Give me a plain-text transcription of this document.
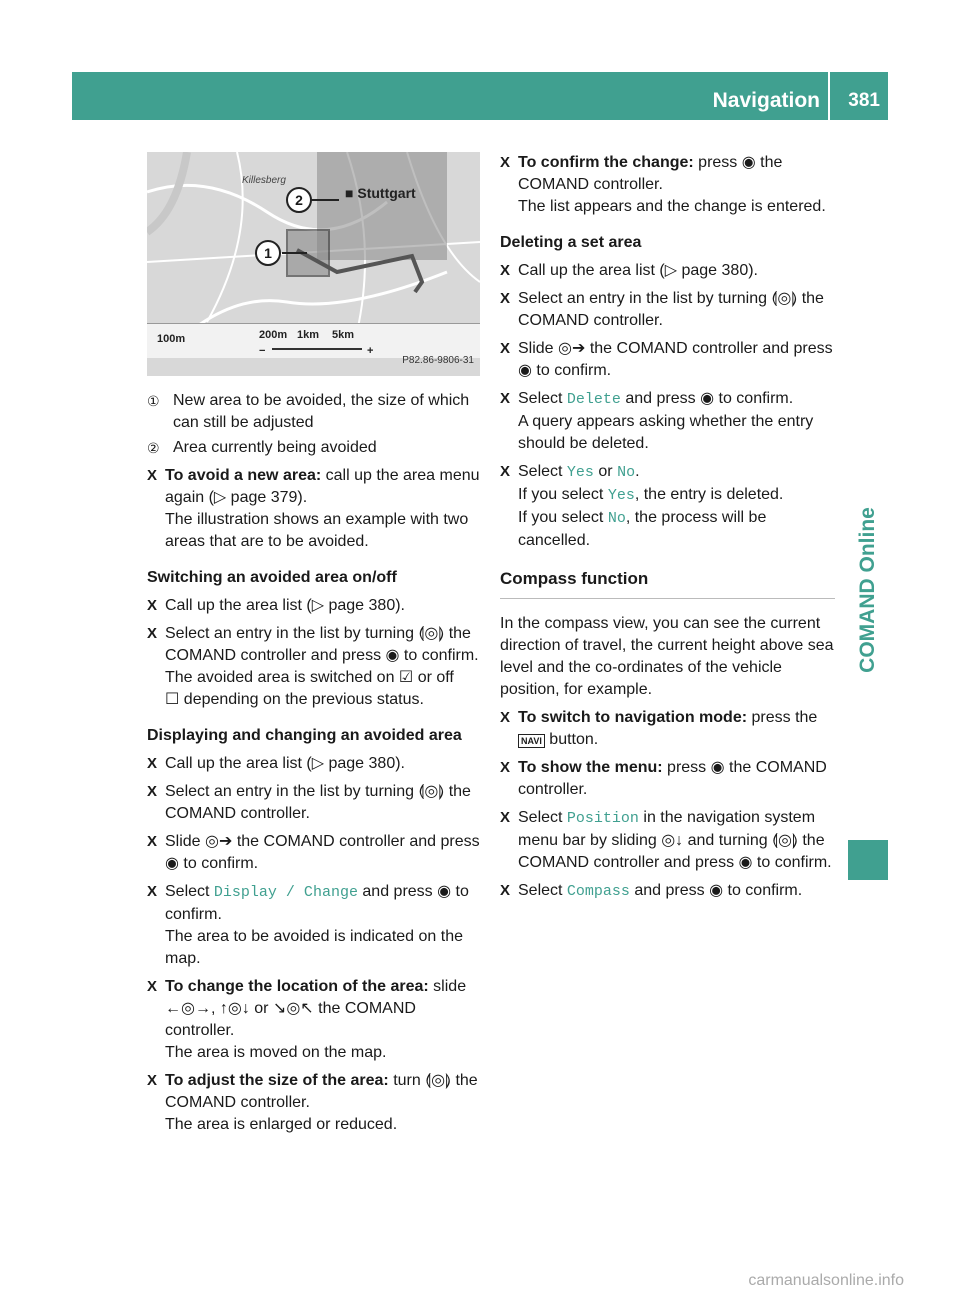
Navigation 381
COMAND Online
Killesberg
■ Stuttgart
2
1
100m	200m 1km 5km
−	+
P82.86-9806-31
① New area to be avoided, the size of which can still be adjusted
② Area currently being avoided
X To avoid a new area: call up the area menu again (▷ page 379).
The illustration shows an example with two areas that are to be avoided.
Switching an avoided area on/off
X Call up the area list (▷ page 380).
X Select an entry in the list by turning ⟬◎⟭ the COMAND controller and press ◉ to confirm.
The avoided area is switched on ☑ or off
☐ depending on the previous status.
Displaying and changing an avoided area
X Call up the area list (▷ page 380).
X Select an entry in the list by turning ⟬◎⟭ the COMAND controller.
X Slide ◎➔ the COMAND controller and press ◉ to confirm.
X Select Display / Change and press ◉ to confirm.
The area to be avoided is indicated on the map.
X To change the location of the area: slide ←◎→, ↑◎↓ or ↘◎↖ the COMAND controller.
The area is moved on the map.
X To adjust the size of the area: turn ⟬◎⟭ the COMAND controller.
The area is enlarged or reduced.
X To confirm the change: press ◉ the COMAND controller.
The list appears and the change is entered.
Deleting a set area
X Call up the area list (▷ page 380).
X Select an entry in the list by turning ⟬◎⟭ the COMAND controller.
X Slide ◎➔ the COMAND controller and press ◉ to confirm.
X Select Delete and press ◉ to confirm.
A query appears asking whether the entry should be deleted.
X Select Yes or No.
If you select Yes, the entry is deleted.
If you select No, the process will be cancelled.
Compass function
In the compass view, you can see the current direction of travel, the current height above sea level and the co-ordinates of the vehicle position, for example.
X To switch to navigation mode: press the
NAVI button.
X To show the menu: press ◉ the COMAND controller.
X Select Position in the navigation system menu bar by sliding ◎↓ and turning ⟬◎⟭ the COMAND controller and press ◉ to confirm.
X Select Compass and press ◉ to confirm.
carmanualsonline.info
